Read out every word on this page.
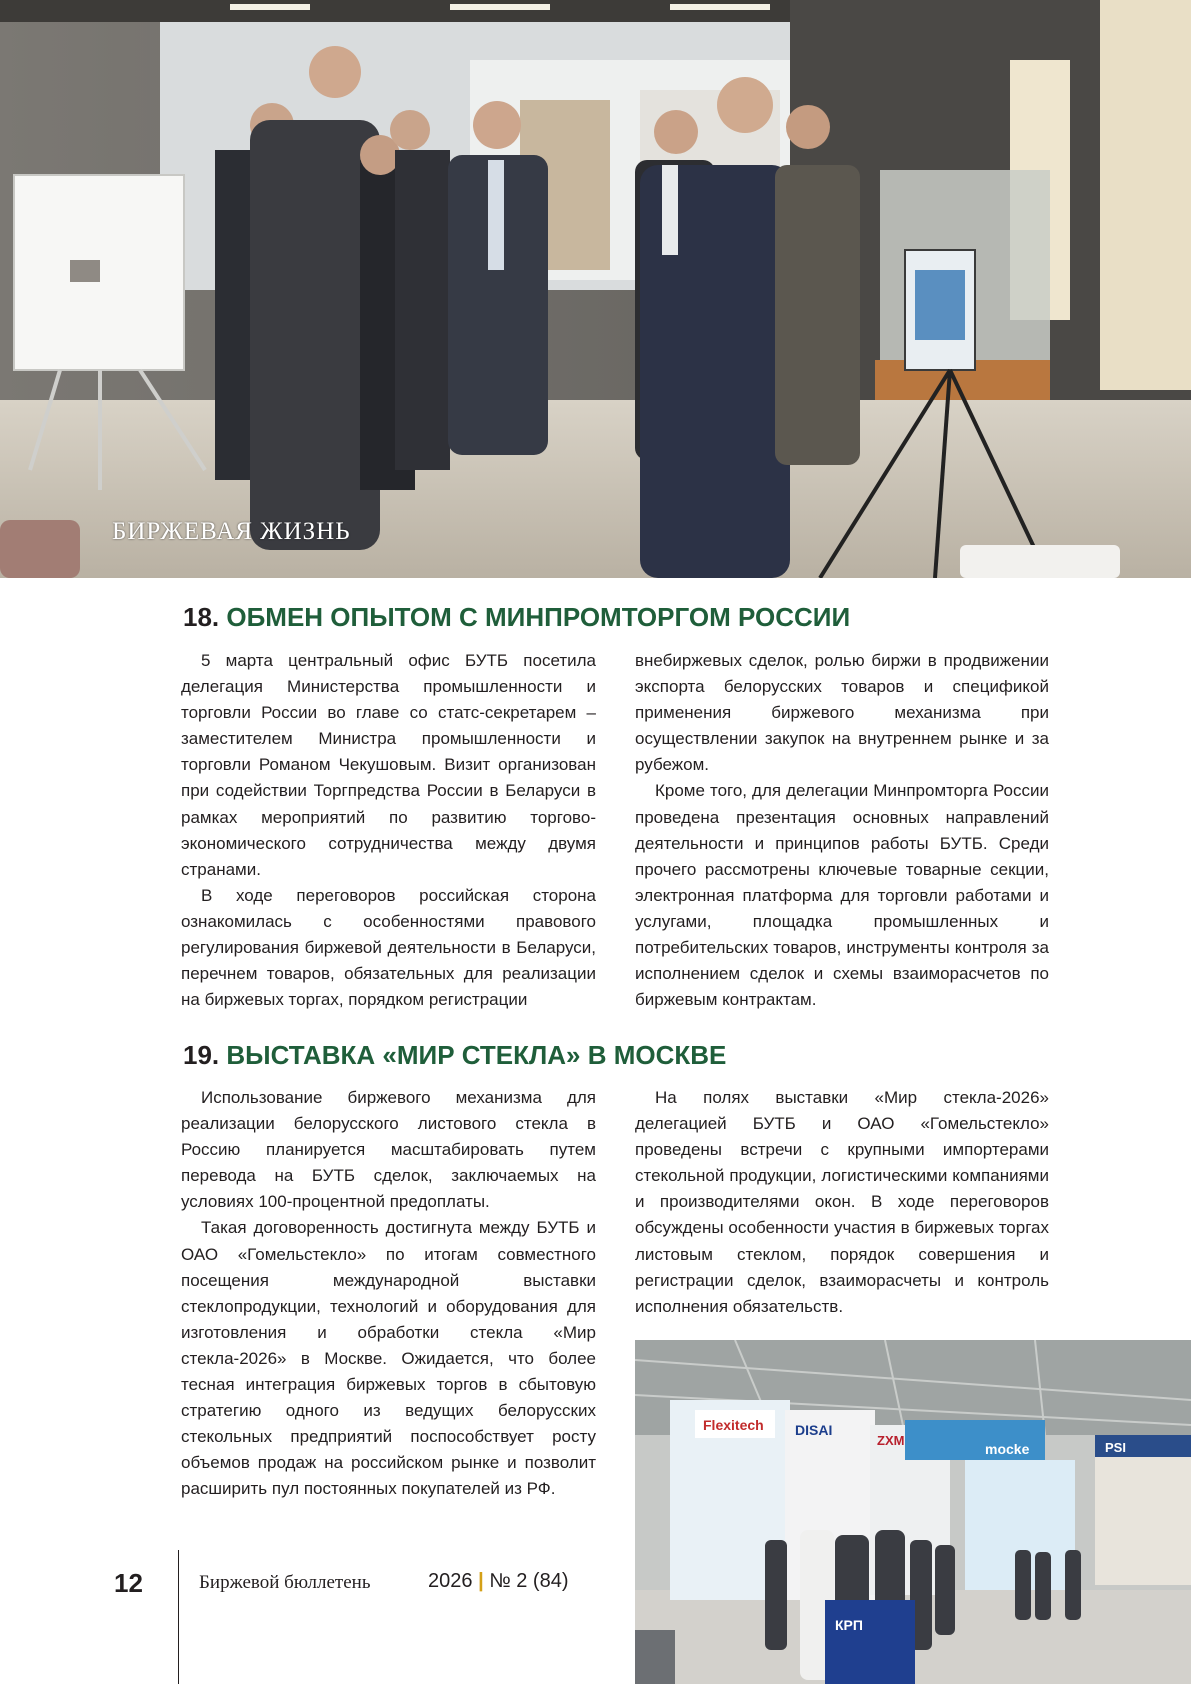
БИРЖЕВАЯ ЖИЗНЬ
18. ОБМЕН ОПЫТОМ С МИНПРОМТОРГОМ РОССИИ

5 марта центральный офис БУТБ посетила делегация Министерства промышленности и торговли России во главе со статс-секретарем – заместителем Министра промышленности и торговли Романом Чекушовым. Визит организован при содействии Торгпредства России в Беларуси в рамках мероприятий по развитию торгово-экономического сотрудничества между двумя странами.

В ходе переговоров российская сторона ознакомилась с особенностями правового регулирования биржевой деятельности в Беларуси, перечнем товаров, обязательных для реализации на биржевых торгах, порядком регистрации

внебиржевых сделок, ролью биржи в продвижении экспорта белорусских товаров и спецификой применения биржевого механизма при осуществлении закупок на внутреннем рынке и за рубежом.

Кроме того, для делегации Минпромторга России проведена презентация основных направлений деятельности и принципов работы БУТБ. Среди прочего рассмотрены ключевые товарные секции, электронная платформа для торговли работами и услугами, площадка промышленных и потребительских товаров, инструменты контроля за исполнением сделок и схемы взаиморасчетов по биржевым контрактам.

19. ВЫСТАВКА «МИР СТЕКЛА» В МОСКВЕ

Использование биржевого механизма для реализации белорусского листового стекла в Россию планируется масштабировать путем перевода на БУТБ сделок, заключаемых на условиях 100-процентной предоплаты.

Такая договоренность достигнута между БУТБ и ОАО «Гомельстекло» по итогам совместного посещения международной выставки стеклопродукции, технологий и оборудования для изготовления и обработки стекла «Мир стекла-2026» в Москве. Ожидается, что более тесная интеграция биржевых торгов в сбытовую стратегию одного из ведущих белорусских стекольных предприятий поспособствует росту объемов продаж на российском рынке и позволит расширить пул постоянных покупателей из РФ.

На полях выставки «Мир стекла-2026» делегацией БУТБ и ОАО «Гомельстекло» проведены встречи с крупными импортерами стекольной продукции, логистическими компаниями и производителями окон. В ходе переговоров обсуждены особенности участия в биржевых торгах листовым стеклом, порядок совершения и регистрации сделок, взаиморасчеты и контроль исполнения обязательств.

Flexitech DISAI
ZXM
mocke	PSI
КРП
12	Биржевой бюллетень	2026 | № 2 (84)
